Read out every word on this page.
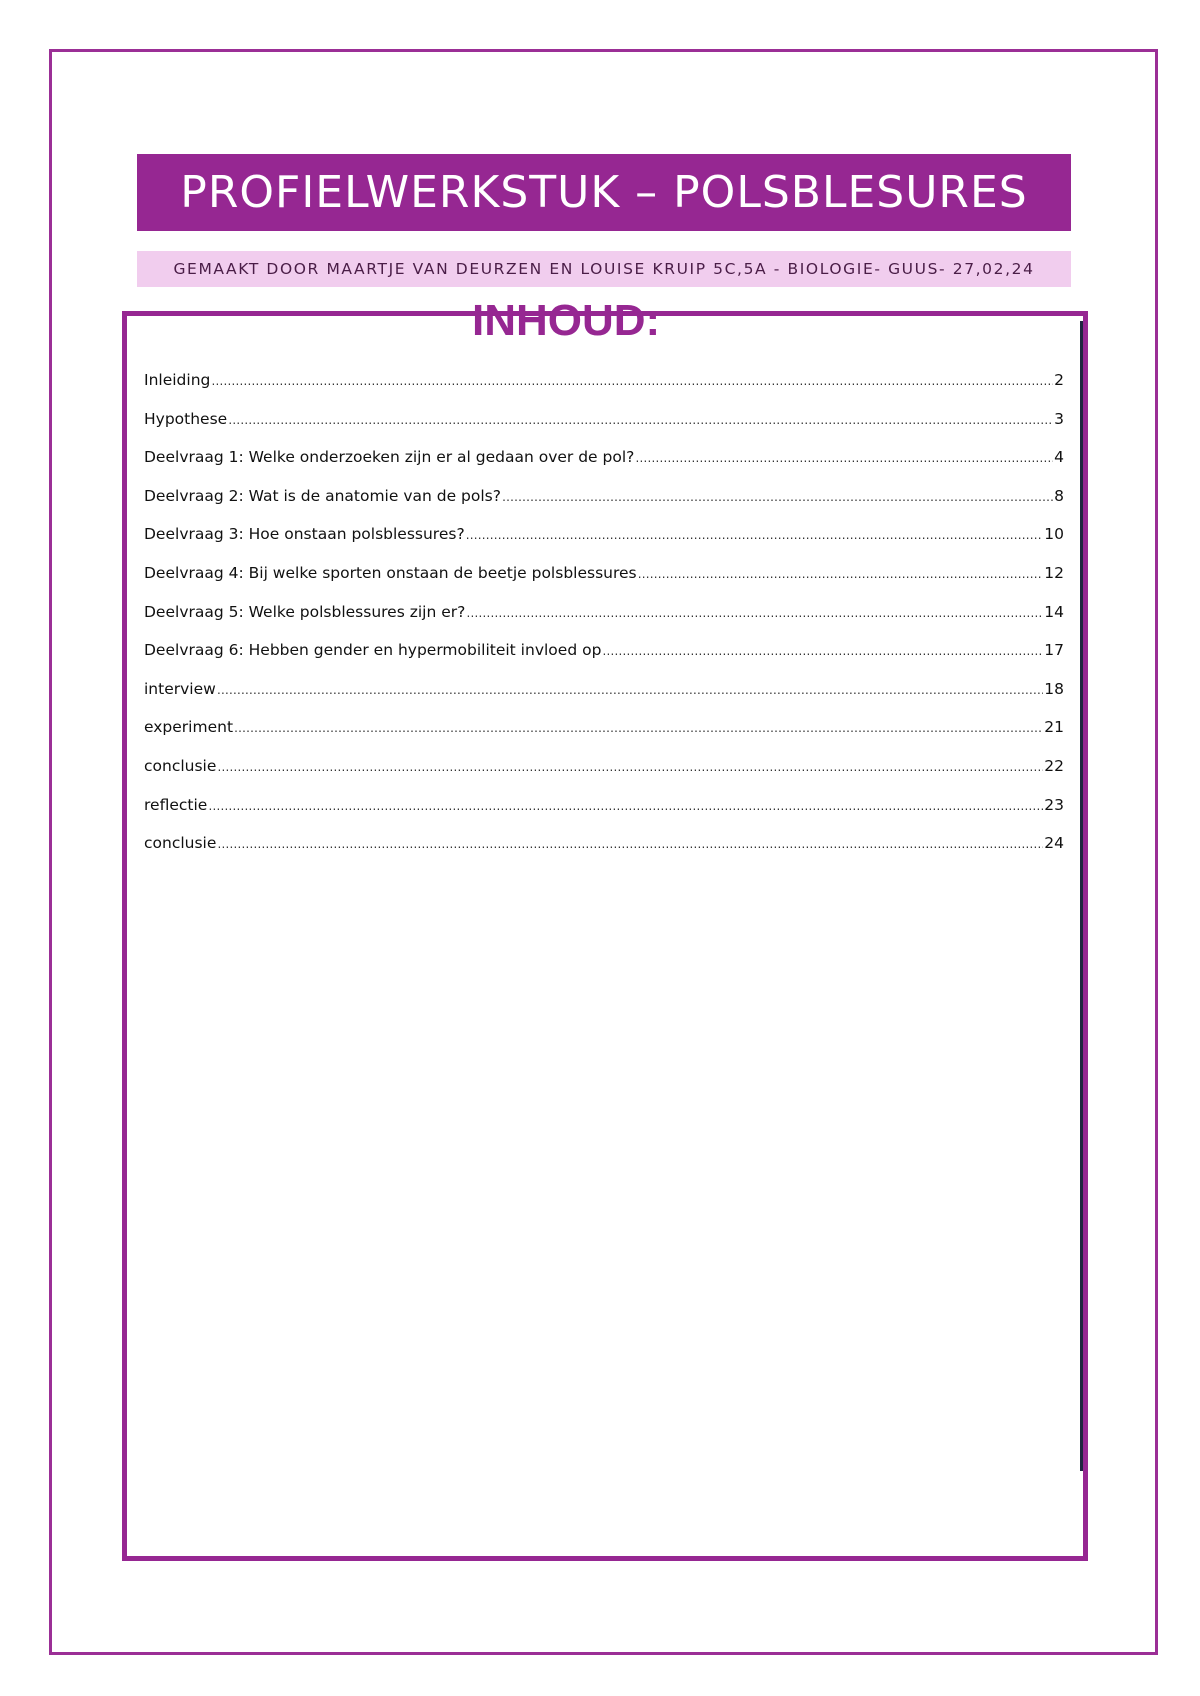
PROFIELWERKSTUK – POLSBLESURES
GEMAAKT DOOR MAARTJE VAN DEURZEN EN LOUISE KRUIP 5C,5A - BIOLOGIE- GUUS- 27,02,24
INHOUD:
Inleiding ……………………………………………………………………………………………………………………………………………………………………………………………………………………………………………………………………………………………………………………………………	2
Hypothese ……………………………………………………………………………………………………………………………………………………………………………………………………………………………………………………………………………………………………………………………………	3
Deelvraag 1: Welke onderzoeken zijn er al gedaan over de pol? ……………………………………………………………………………………………………………………………………………………………………………………………………………………………………………………………………………………………………………………………………	4
Deelvraag 2: Wat is de anatomie van de pols? ……………………………………………………………………………………………………………………………………………………………………………………………………………………………………………………………………………………………………………………………………	8
Deelvraag 3: Hoe onstaan polsblessures? ……………………………………………………………………………………………………………………………………………………………………………………………………………………………………………………………………………………………………………………………………	10
Deelvraag 4: Bij welke sporten onstaan de beetje polsblessures ……………………………………………………………………………………………………………………………………………………………………………………………………………………………………………………………………………………………………………………………………	12
Deelvraag 5: Welke polsblessures zijn er? ……………………………………………………………………………………………………………………………………………………………………………………………………………………………………………………………………………………………………………………………………	14
Deelvraag 6: Hebben gender en hypermobiliteit invloed op ……………………………………………………………………………………………………………………………………………………………………………………………………………………………………………………………………………………………………………………………………	17
interview ……………………………………………………………………………………………………………………………………………………………………………………………………………………………………………………………………………………………………………………………………	18
experiment ……………………………………………………………………………………………………………………………………………………………………………………………………………………………………………………………………………………………………………………………………	21
conclusie ……………………………………………………………………………………………………………………………………………………………………………………………………………………………………………………………………………………………………………………………………	22
reflectie ……………………………………………………………………………………………………………………………………………………………………………………………………………………………………………………………………………………………………………………………………	23
conclusie ……………………………………………………………………………………………………………………………………………………………………………………………………………………………………………………………………………………………………………………………………	24
